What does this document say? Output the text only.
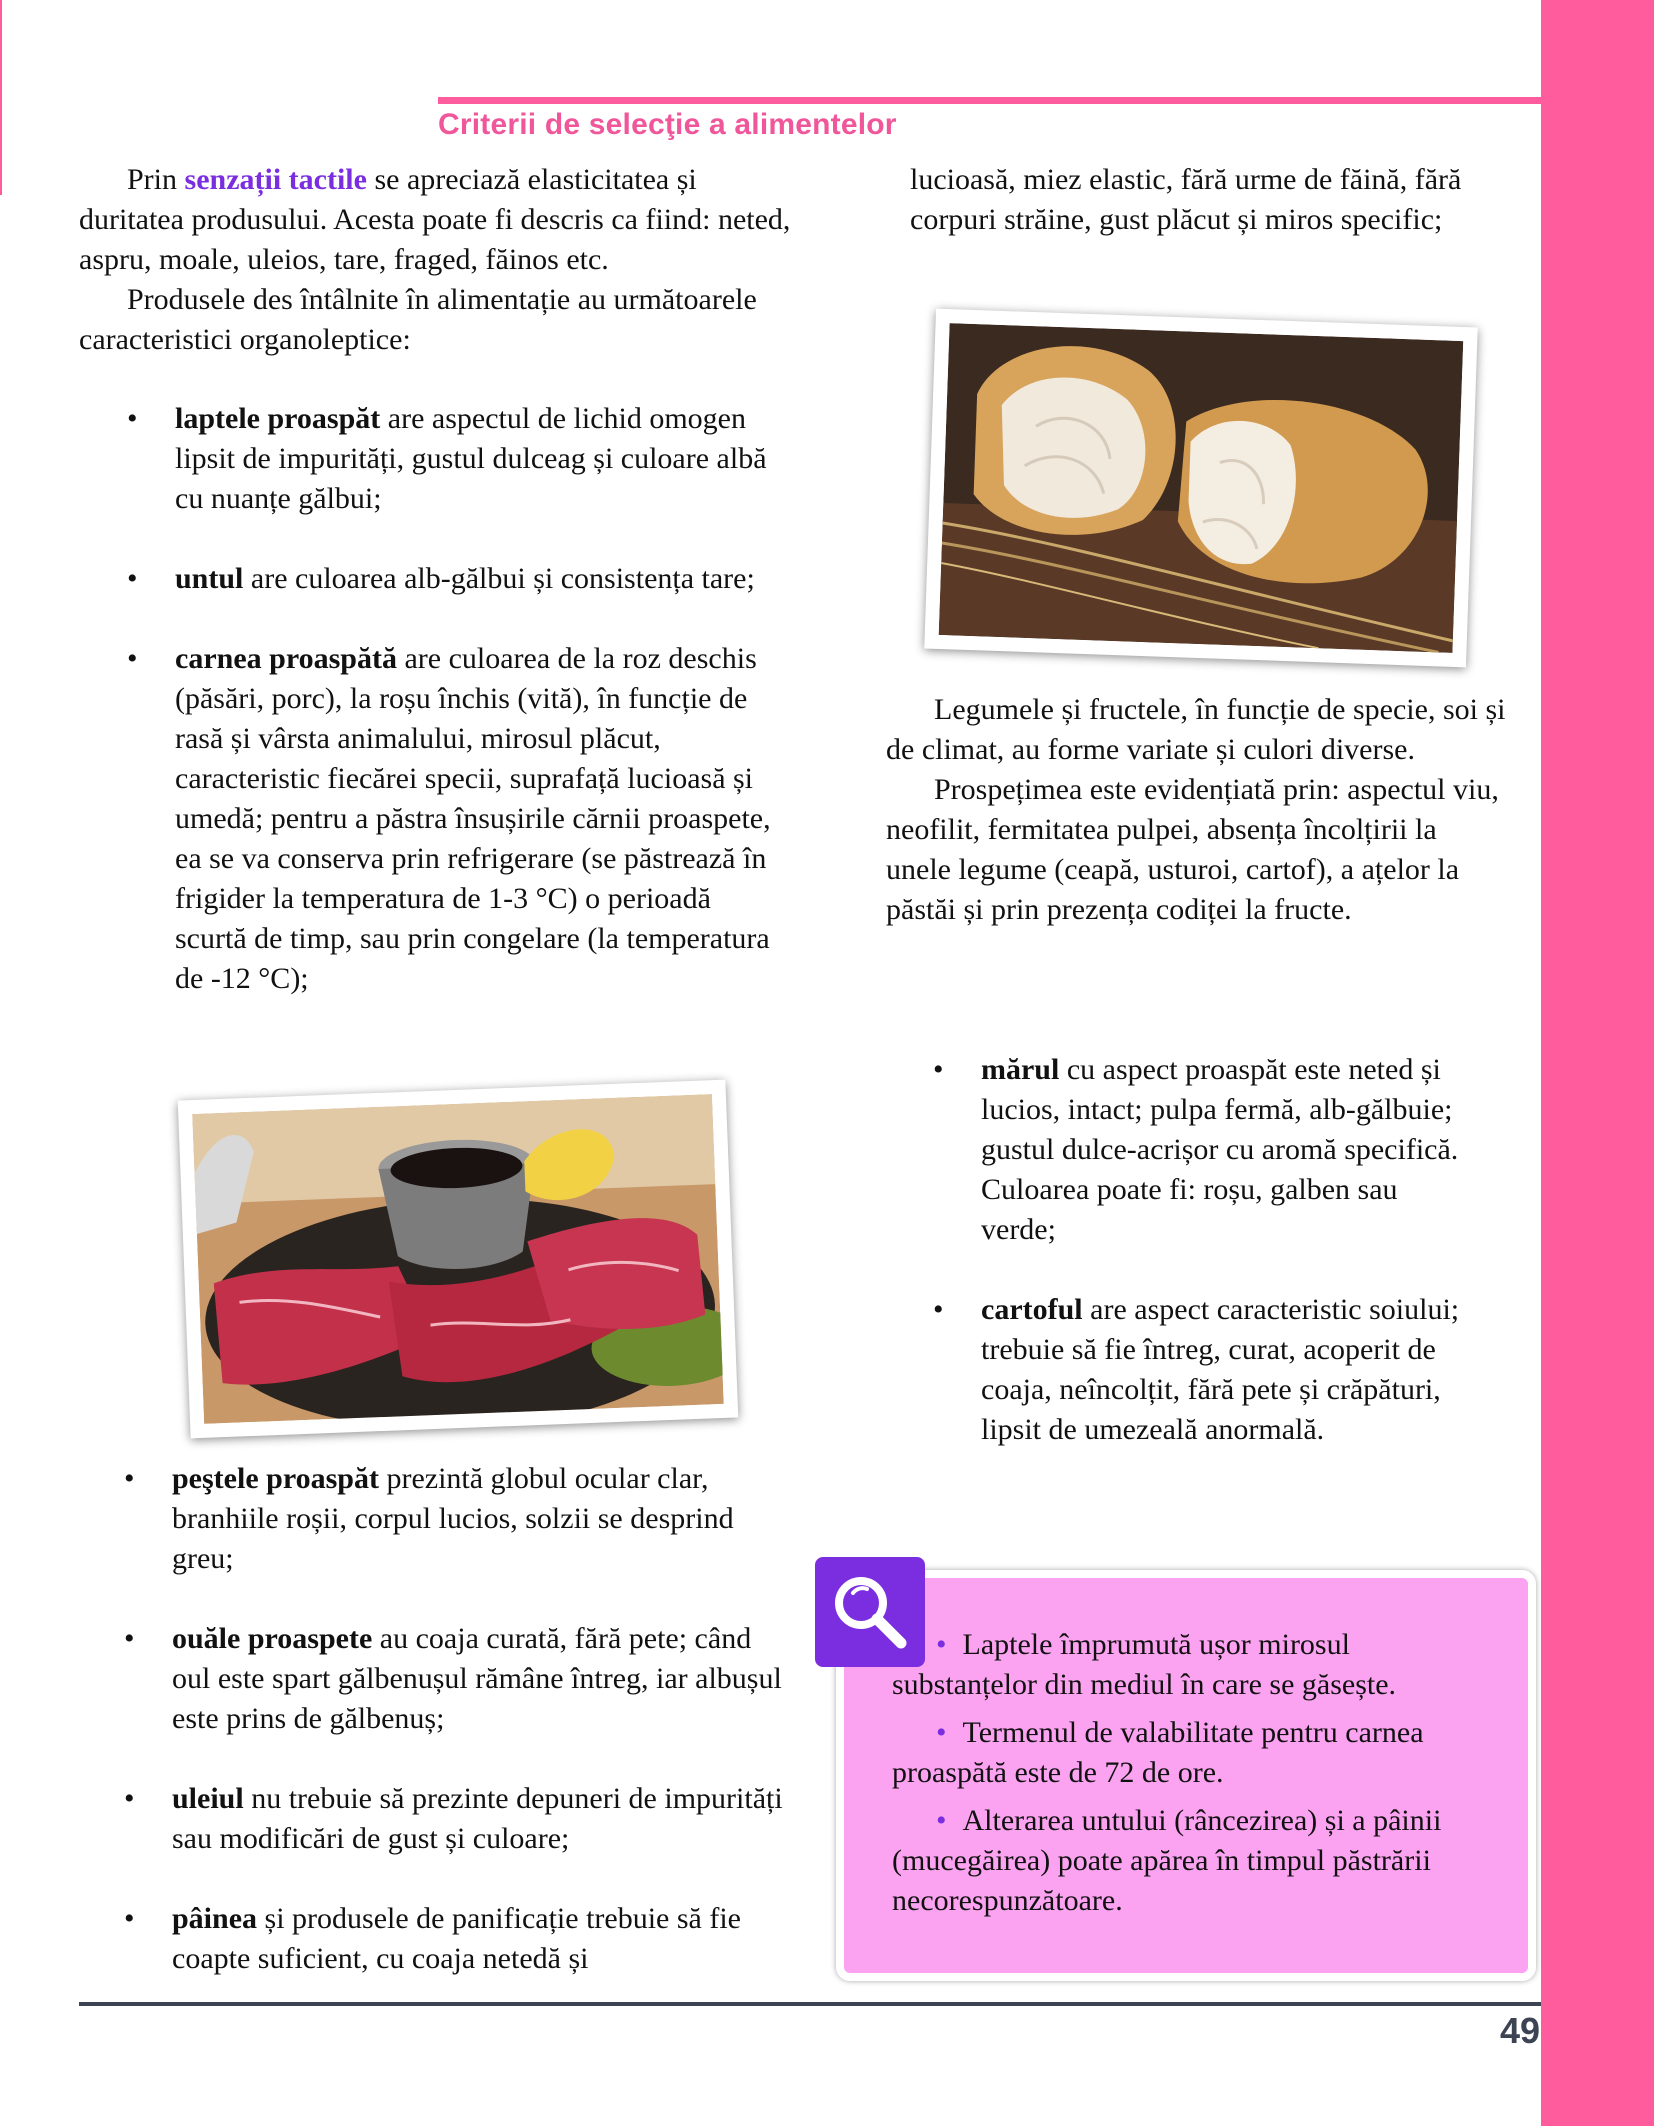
Criterii de selecţie a alimentelor

Prin senzații tactile se apreciază elasticitatea și duritatea produsului. Acesta poate fi descris ca fiind: neted, aspru, moale, uleios, tare, fraged, făinos etc.

Produsele des întâlnite în alimentație au următoarele caracteristici organoleptice:

• laptele proaspăt are aspectul de lichid omogen lipsit de impurități, gustul dulceag și culoare albă cu nuanțe gălbui;
• untul are culoarea alb-gălbui și consistența tare;
• carnea proaspătă are culoarea de la roz deschis (păsări, porc), la roșu închis (vită), în funcție de rasă și vârsta animalului, mirosul plăcut, caracteristic fiecărei specii, suprafață lucioasă și umedă; pentru a păstra însușirile cărnii proaspete, ea se va conserva prin refrigerare (se păstrează în frigider la temperatura de 1-3 °C) o perioadă scurtă de timp, sau prin congelare (la temperatura de -12 °C);
• peştele proaspăt prezintă globul ocular clar, branhiile roșii, corpul lucios, solzii se desprind greu;
• ouăle proaspete au coaja curată, fără pete; când oul este spart gălbenușul rămâne întreg, iar albușul este prins de gălbenuș;
• uleiul nu trebuie să prezinte depuneri de impurități sau modificări de gust și culoare;
• pâinea și produsele de panificație trebuie să fie coapte suficient, cu coaja netedă și
lucioasă, miez elastic, fără urme de făină, fără corpuri străine, gust plăcut și miros specific;

Legumele și fructele, în funcție de specie, soi și de climat, au forme variate și culori diverse.

Prospețimea este evidențiată prin: aspectul viu, neofilit, fermitatea pulpei, absența încolțirii la unele legume (ceapă, usturoi, cartof), a ațelor la păstăi și prin prezența codiței la fructe.

• mărul cu aspect proaspăt este neted și lucios, intact; pulpa fermă, alb-gălbuie; gustul dulce-acrișor cu aromă specifică. Culoarea poate fi: roșu, galben sau verde;
• cartoful are aspect caracteristic soiului; trebuie să fie întreg, curat, acoperit de coaja, neîncolțit, fără pete și crăpături, lipsit de umezeală anormală.

• Laptele împrumută ușor mirosul substanțelor din mediul în care se găsește.

• Termenul de valabilitate pentru carnea proaspătă este de 72 de ore.

• Alterarea untului (râncezirea) și a pâinii (mucegăirea) poate apărea în timpul păstrării necorespunzătoare.

49
